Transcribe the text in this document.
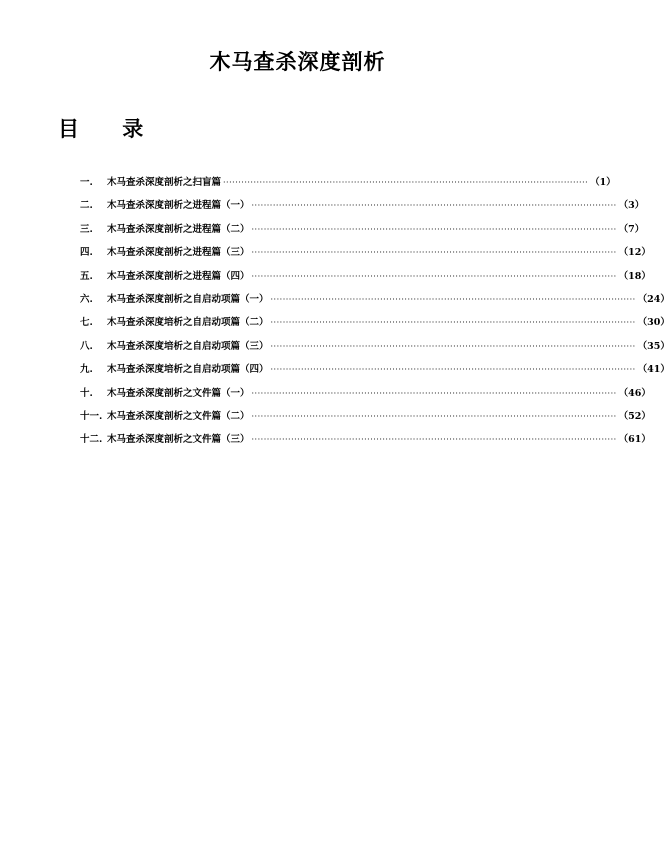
木马查杀深度剖析
目 录
一.	木马查杀深度剖析之扫盲篇 ························································································································ （1）
二.	木马查杀深度剖析之进程篇（一） ························································································································ （3）
三.	木马查杀深度剖析之进程篇（二） ························································································································ （7）
四.	木马查杀深度剖析之进程篇（三） ························································································································ （12）
五.	木马查杀深度剖析之进程篇（四） ························································································································ （18）
六.	木马查杀深度剖析之自启动项篇（一） ························································································································ （24）
七.	木马查杀深度培析之自启动项篇（二） ························································································································ （30）
八.	木马查杀深度培析之自启动项篇（三） ························································································································ （35）
九.	木马查杀深度培析之自启动项篇（四） ························································································································ （41）
十.	木马查杀深度剖析之文件篇（一） ························································································································ （46）
十一. 木马查杀深度剖析之文件篇（二） ························································································································ （52）
十二. 木马查杀深度剖析之文件篇（三） ························································································································ （61）
